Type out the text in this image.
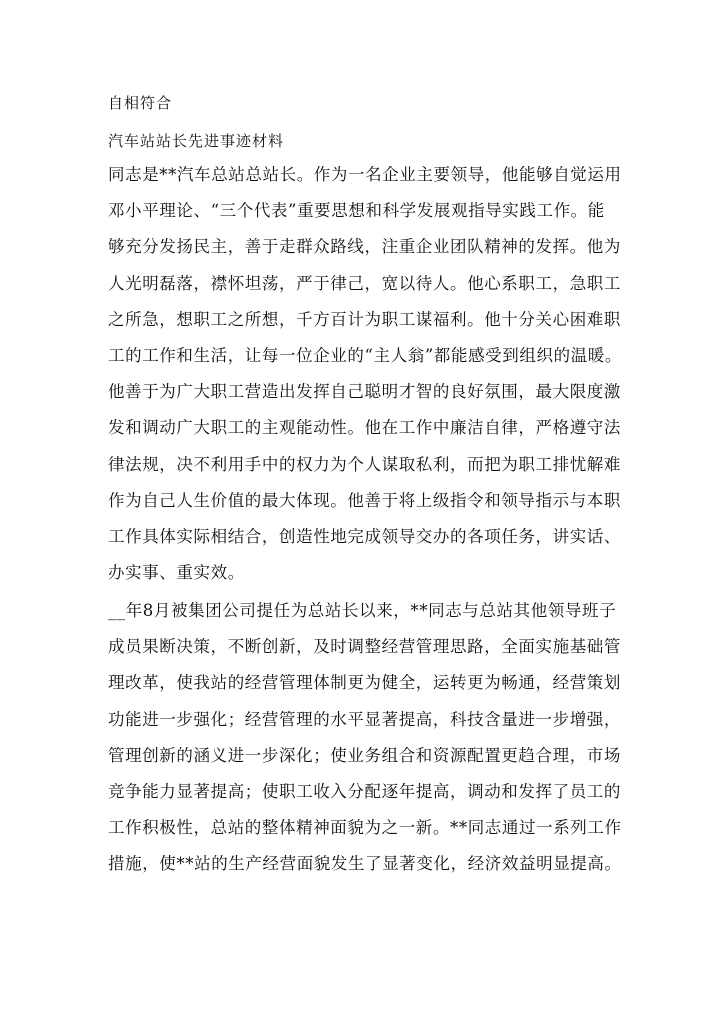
自相符合
汽车站站长先进事迹材料
同志是**汽车总站总站长。作为一名企业主要领导，他能够自觉运用
邓小平理论、“三个代表”重要思想和科学发展观指导实践工作。能
够充分发扬民主，善于走群众路线，注重企业团队精神的发挥。他为
人光明磊落，襟怀坦荡，严于律己，宽以待人。他心系职工，急职工
之所急，想职工之所想，千方百计为职工谋福利。他十分关心困难职
工的工作和生活，让每一位企业的“主人翁”都能感受到组织的温暖。
他善于为广大职工营造出发挥自己聪明才智的良好氛围，最大限度激
发和调动广大职工的主观能动性。他在工作中廉洁自律，严格遵守法
律法规，决不利用手中的权力为个人谋取私利，而把为职工排忧解难
作为自己人生价值的最大体现。他善于将上级指令和领导指示与本职
工作具体实际相结合，创造性地完成领导交办的各项任务，讲实话、
办实事、重实效。
__年8月被集团公司提任为总站长以来，**同志与总站其他领导班子
成员果断决策，不断创新，及时调整经营管理思路，全面实施基础管
理改革，使我站的经营管理体制更为健全，运转更为畅通，经营策划
功能进一步强化；经营管理的水平显著提高，科技含量进一步增强，
管理创新的涵义进一步深化；使业务组合和资源配置更趋合理，市场
竞争能力显著提高；使职工收入分配逐年提高，调动和发挥了员工的
工作积极性，总站的整体精神面貌为之一新。**同志通过一系列工作
措施，使**站的生产经营面貌发生了显著变化，经济效益明显提高。
